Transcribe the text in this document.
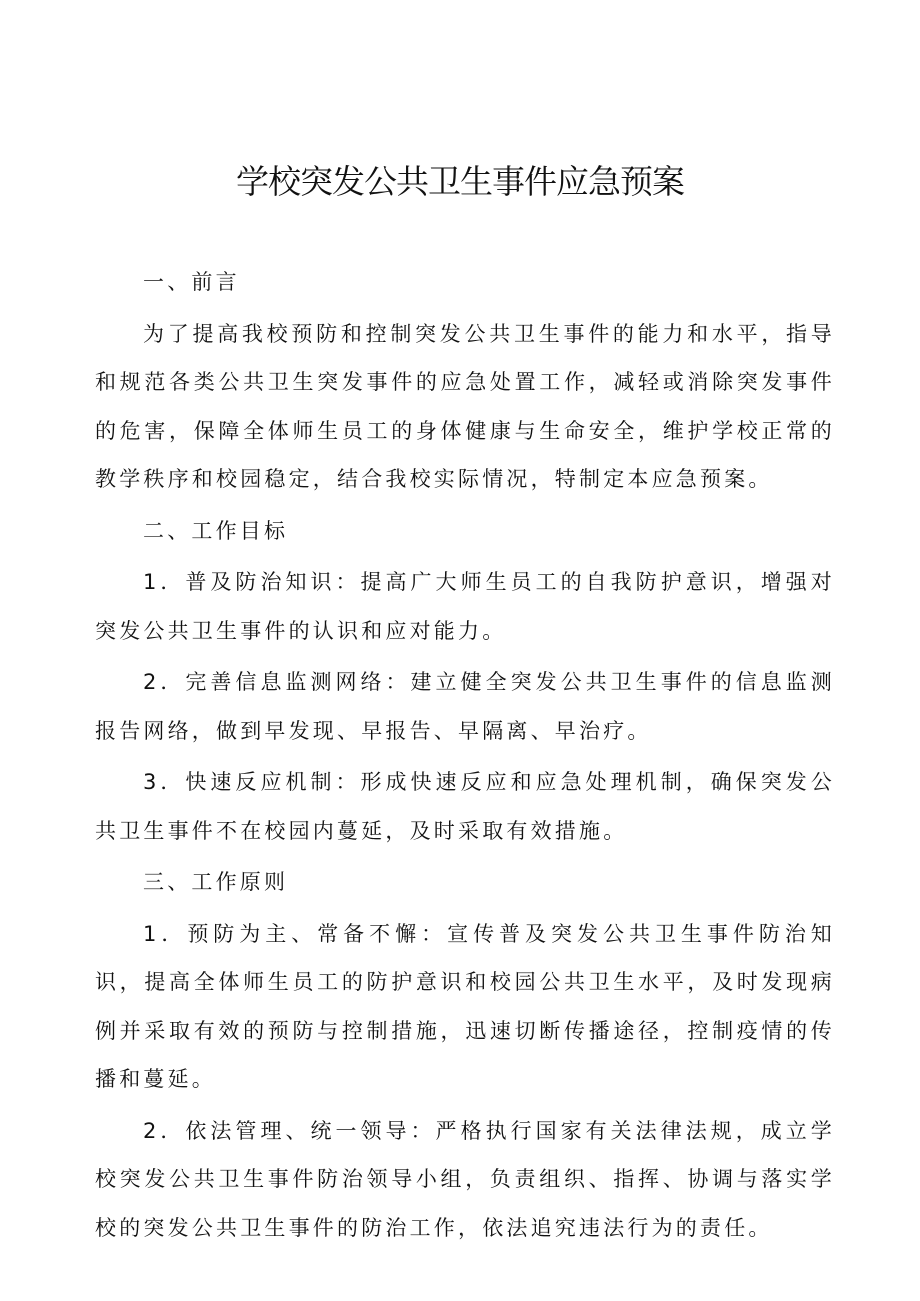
学校突发公共卫生事件应急预案

一、前言

为了提高我校预防和控制突发公共卫生事件的能力和水平，指导和规范各类公共卫生突发事件的应急处置工作，减轻或消除突发事件的危害，保障全体师生员工的身体健康与生命安全，维护学校正常的教学秩序和校园稳定，结合我校实际情况，特制定本应急预案。

二、工作目标

1．普及防治知识：提高广大师生员工的自我防护意识，增强对突发公共卫生事件的认识和应对能力。

2．完善信息监测网络：建立健全突发公共卫生事件的信息监测报告网络，做到早发现、早报告、早隔离、早治疗。

3．快速反应机制：形成快速反应和应急处理机制，确保突发公共卫生事件不在校园内蔓延，及时采取有效措施。

三、工作原则

1．预防为主、常备不懈：宣传普及突发公共卫生事件防治知识，提高全体师生员工的防护意识和校园公共卫生水平，及时发现病例并采取有效的预防与控制措施，迅速切断传播途径，控制疫情的传播和蔓延。

2．依法管理、统一领导：严格执行国家有关法律法规，成立学校突发公共卫生事件防治领导小组，负责组织、指挥、协调与落实学校的突发公共卫生事件的防治工作，依法追究违法行为的责任。
